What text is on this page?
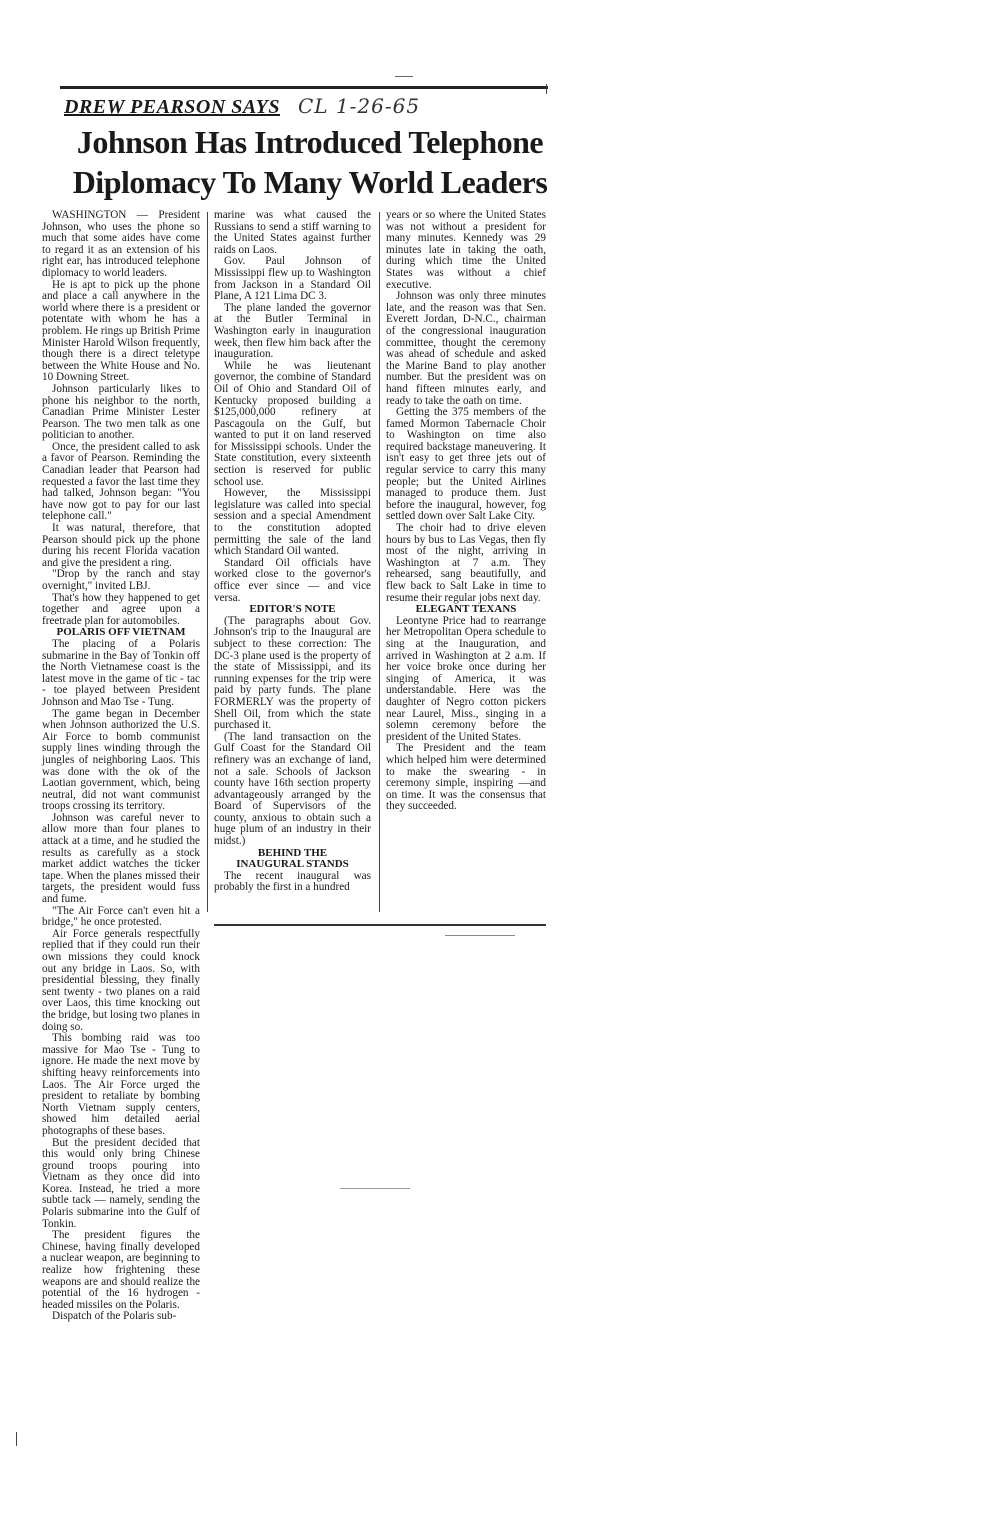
DREW PEARSON SAYS CL 1-26-65
Johnson Has Introduced Telephone
Diplomacy To Many World Leaders

WASHINGTON — President Johnson, who uses the phone so much that some aides have come to regard it as an extension of his right ear, has introduced telephone diplomacy to world leaders.

He is apt to pick up the phone and place a call anywhere in the world where there is a president or potentate with whom he has a problem. He rings up British Prime Minister Harold Wilson frequently, though there is a direct teletype between the White House and No. 10 Downing Street.

Johnson particularly likes to phone his neighbor to the north, Canadian Prime Minister Lester Pearson. The two men talk as one politician to another.

Once, the president called to ask a favor of Pearson. Reminding the Canadian leader that Pearson had requested a favor the last time they had talked, Johnson began: "You have now got to pay for our last telephone call."

It was natural, therefore, that Pearson should pick up the phone during his recent Florida vacation and give the president a ring.

"Drop by the ranch and stay overnight," invited LBJ.

That's how they happened to get together and agree upon a freetrade plan for automobiles.

POLARIS OFF VIETNAM

The placing of a Polaris submarine in the Bay of Tonkin off the North Vietnamese coast is the latest move in the game of tic - tac - toe played between President Johnson and Mao Tse - Tung.

The game began in December when Johnson authorized the U.S. Air Force to bomb communist supply lines winding through the jungles of neighboring Laos. This was done with the ok of the Laotian government, which, being neutral, did not want communist troops crossing its territory.

Johnson was careful never to allow more than four planes to attack at a time, and he studied the results as carefully as a stock market addict watches the ticker tape. When the planes missed their targets, the president would fuss and fume.

"The Air Force can't even hit a bridge," he once protested.

Air Force generals respectfully replied that if they could run their own missions they could knock out any bridge in Laos. So, with presidential blessing, they finally sent twenty - two planes on a raid over Laos, this time knocking out the bridge, but losing two planes in doing so.

This bombing raid was too massive for Mao Tse - Tung to ignore. He made the next move by shifting heavy reinforcements into Laos. The Air Force urged the president to retaliate by bombing North Vietnam supply centers, showed him detailed aerial photographs of these bases.

But the president decided that this would only bring Chinese ground troops pouring into Vietnam as they once did into Korea. Instead, he tried a more subtle tack — namely, sending the Polaris submarine into the Gulf of Tonkin.

The president figures the Chinese, having finally developed a nuclear weapon, are beginning to realize how frightening these weapons are and should realize the potential of the 16 hydrogen - headed missiles on the Polaris.

Dispatch of the Polaris sub-

marine was what caused the Russians to send a stiff warning to the United States against further raids on Laos.

Gov. Paul Johnson of Mississippi flew up to Washington from Jackson in a Standard Oil Plane, A 121 Lima DC 3.

The plane landed the governor at the Butler Terminal in Washington early in inauguration week, then flew him back after the inauguration.

While he was lieutenant governor, the combine of Standard Oil of Ohio and Standard Oil of Kentucky proposed building a $125,000,000 refinery at Pascagoula on the Gulf, but wanted to put it on land reserved for Mississippi schools. Under the State constitution, every sixteenth section is reserved for public school use.

However, the Mississippi legislature was called into special session and a special Amendment to the constitution adopted permitting the sale of the land which Standard Oil wanted.

Standard Oil officials have worked close to the governor's office ever since — and vice versa.

EDITOR'S NOTE

(The paragraphs about Gov. Johnson's trip to the Inaugural are subject to these correction: The DC-3 plane used is the property of the state of Mississippi, and its running expenses for the trip were paid by party funds. The plane FORMERLY was the property of Shell Oil, from which the state purchased it.

(The land transaction on the Gulf Coast for the Standard Oil refinery was an exchange of land, not a sale. Schools of Jackson county have 16th section property advantageously arranged by the Board of Supervisors of the county, anxious to obtain such a huge plum of an industry in their midst.)

BEHIND THE

INAUGURAL STANDS

The recent inaugural was probably the first in a hundred

years or so where the United States was not without a president for many minutes. Kennedy was 29 minutes late in taking the oath, during which time the United States was without a chief executive.

Johnson was only three minutes late, and the reason was that Sen. Everett Jordan, D-N.C., chairman of the congressional inauguration committee, thought the ceremony was ahead of schedule and asked the Marine Band to play another number. But the president was on hand fifteen minutes early, and ready to take the oath on time.

Getting the 375 members of the famed Mormon Tabernacle Choir to Washington on time also required backstage maneuvering. It isn't easy to get three jets out of regular service to carry this many people; but the United Airlines managed to produce them. Just before the inaugural, however, fog settled down over Salt Lake City.

The choir had to drive eleven hours by bus to Las Vegas, then fly most of the night, arriving in Washington at 7 a.m. They rehearsed, sang beautifully, and flew back to Salt Lake in time to resume their regular jobs next day.

ELEGANT TEXANS

Leontyne Price had to rearrange her Metropolitan Opera schedule to sing at the Inauguration, and arrived in Washington at 2 a.m. If her voice broke once during her singing of America, it was understandable. Here was the daughter of Negro cotton pickers near Laurel, Miss., singing in a solemn ceremony before the president of the United States.

The President and the team which helped him were determined to make the swearing - in ceremony simple, inspiring —and on time. It was the consensus that they succeeded.
